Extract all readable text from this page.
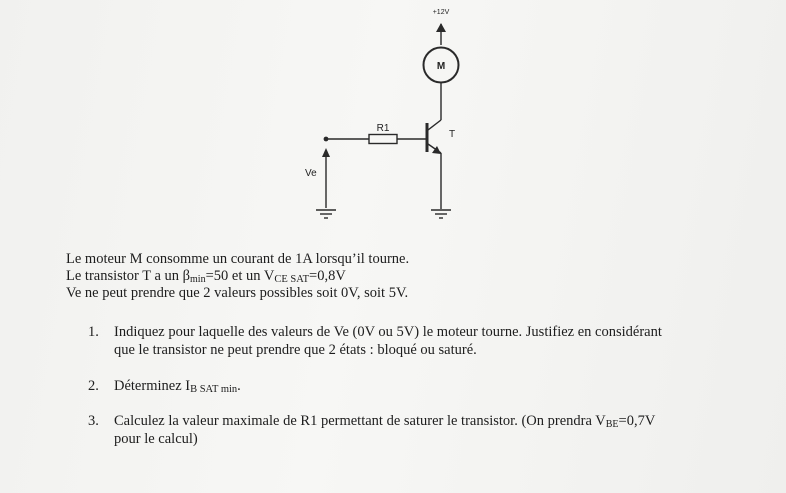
+12V
M
R1
T
Ve
Le moteur M consomme un courant de 1A lorsqu’il tourne.
Le transistor T a un $\beta_{min}=50$ et un $V_{CE SAT}=0,8V$
Ve ne peut prendre que 2 valeurs possibles soit 0V, soit 5V.
1. Indiquez pour laquelle des valeurs de Ve (0V ou 5V) le moteur tourne. Justifiez en considérant
que le transistor ne peut prendre que 2 états : bloqué ou saturé.
2. Déterminez $I_{B SAT min}$.
3. Calculez la valeur maximale de R1 permettant de saturer le transistor. (On prendra $V_{BE}=0,7V$
pour le calcul)
